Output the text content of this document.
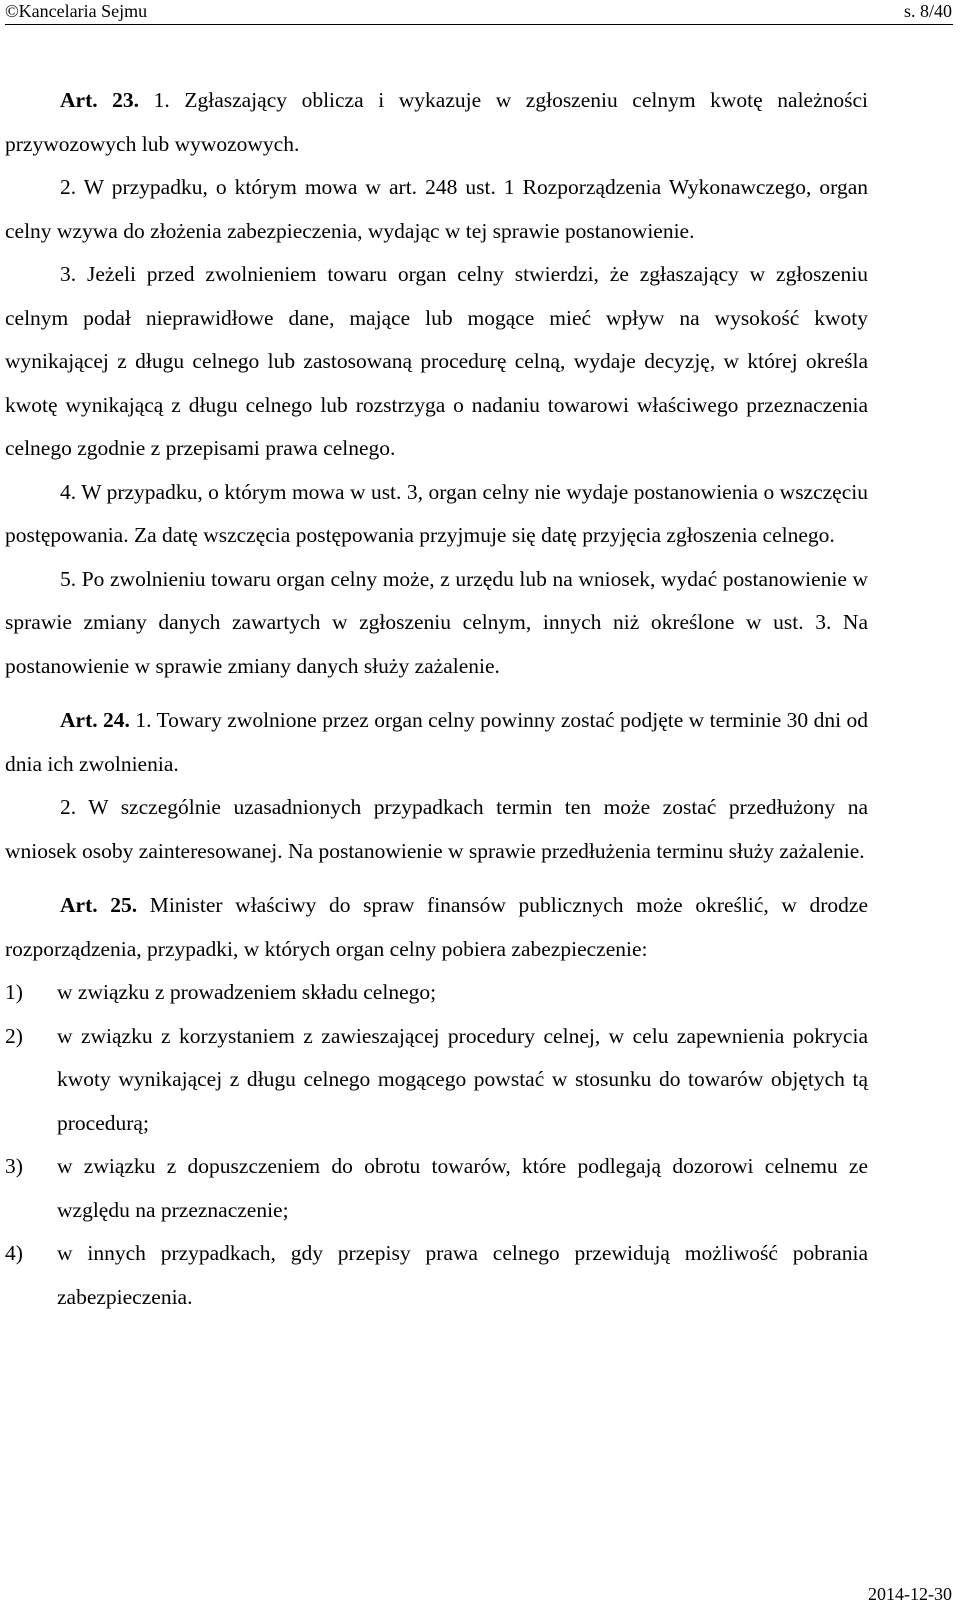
©Kancelaria Sejmu	s. 8/40

Art. 23. 1. Zgłaszający oblicza i wykazuje w zgłoszeniu celnym kwotę należności przywozowych lub wywozowych.

2. W przypadku, o którym mowa w art. 248 ust. 1 Rozporządzenia Wykonawczego, organ celny wzywa do złożenia zabezpieczenia, wydając w tej sprawie postanowienie.

3. Jeżeli przed zwolnieniem towaru organ celny stwierdzi, że zgłaszający w zgłoszeniu celnym podał nieprawidłowe dane, mające lub mogące mieć wpływ na wysokość kwoty wynikającej z długu celnego lub zastosowaną procedurę celną, wydaje decyzję, w której określa kwotę wynikającą z długu celnego lub rozstrzyga o nadaniu towarowi właściwego przeznaczenia celnego zgodnie z przepisami prawa celnego.

4. W przypadku, o którym mowa w ust. 3, organ celny nie wydaje postanowienia o wszczęciu postępowania. Za datę wszczęcia postępowania przyjmuje się datę przyjęcia zgłoszenia celnego.

5. Po zwolnieniu towaru organ celny może, z urzędu lub na wniosek, wydać postanowienie w sprawie zmiany danych zawartych w zgłoszeniu celnym, innych niż określone w ust. 3. Na postanowienie w sprawie zmiany danych służy zażalenie.

Art. 24. 1. Towary zwolnione przez organ celny powinny zostać podjęte w terminie 30 dni od dnia ich zwolnienia.

2. W szczególnie uzasadnionych przypadkach termin ten może zostać przedłużony na wniosek osoby zainteresowanej. Na postanowienie w sprawie przedłużenia terminu służy zażalenie.

Art. 25. Minister właściwy do spraw finansów publicznych może określić, w drodze rozporządzenia, przypadki, w których organ celny pobiera zabezpieczenie:

1)	w związku z prowadzeniem składu celnego;
2)	w związku z korzystaniem z zawieszającej procedury celnej, w celu zapewnienia pokrycia kwoty wynikającej z długu celnego mogącego powstać w stosunku do towarów objętych tą procedurą;
3)	w związku z dopuszczeniem do obrotu towarów, które podlegają dozorowi celnemu ze względu na przeznaczenie;
4)	w innych przypadkach, gdy przepisy prawa celnego przewidują możliwość pobrania zabezpieczenia.
2014-12-30
